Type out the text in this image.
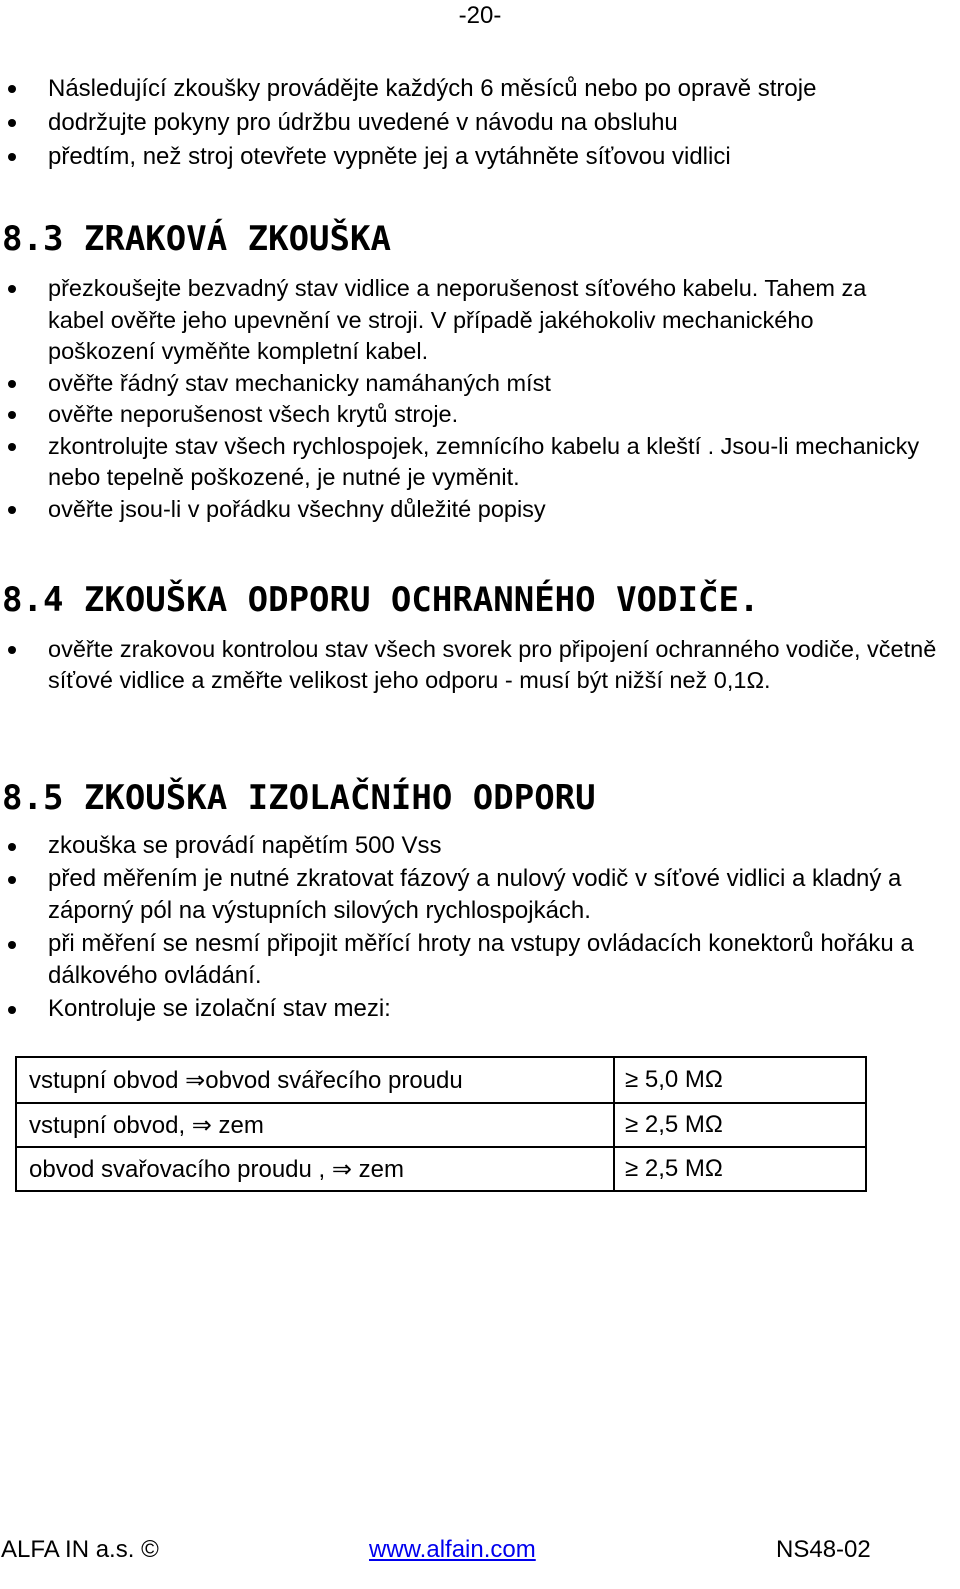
-20-
Následující zkoušky provádějte každých 6 měsíců nebo po opravě stroje
dodržujte pokyny pro údržbu uvedené v návodu na obsluhu
předtím, než stroj otevřete vypněte jej a vytáhněte síťovou vidlici
8.3 ZRAKOVÁ ZKOUŠKA
přezkoušejte bezvadný stav vidlice a neporušenost síťového kabelu. Tahem za kabel ověřte jeho upevnění ve stroji. V případě jakéhokoliv mechanického poškození vyměňte kompletní kabel.
ověřte řádný stav mechanicky namáhaných míst
ověřte neporušenost všech krytů stroje.
zkontrolujte stav všech rychlospojek, zemnícího kabelu a kleští . Jsou-li mechanicky nebo tepelně poškozené, je nutné je vyměnit.
ověřte jsou-li v pořádku všechny důležité popisy
8.4 ZKOUŠKA ODPORU OCHRANNÉHO VODIČE.
ověřte zrakovou kontrolou stav všech svorek pro připojení ochranného vodiče, včetně síťové vidlice a změřte velikost jeho odporu - musí být nižší než 0,1Ω.
8.5 ZKOUŠKA IZOLAČNÍHO ODPORU
zkouška se provádí napětím 500 Vss
před měřením je nutné zkratovat fázový a nulový vodič v síťové vidlici a kladný a záporný pól na výstupních silových rychlospojkách.
při měření se nesmí připojit měřící hroty na vstupy ovládacích konektorů hořáku a dálkového ovládání.
Kontroluje se izolační stav mezi:
vstupní obvod ⇒obvod svářecího proudu	≥ 5,0 MΩ
vstupní obvod, ⇒ zem	≥ 2,5 MΩ
obvod svařovacího proudu , ⇒ zem	≥ 2,5 MΩ
ALFA IN a.s. ©	www.alfain.com	NS48-02
